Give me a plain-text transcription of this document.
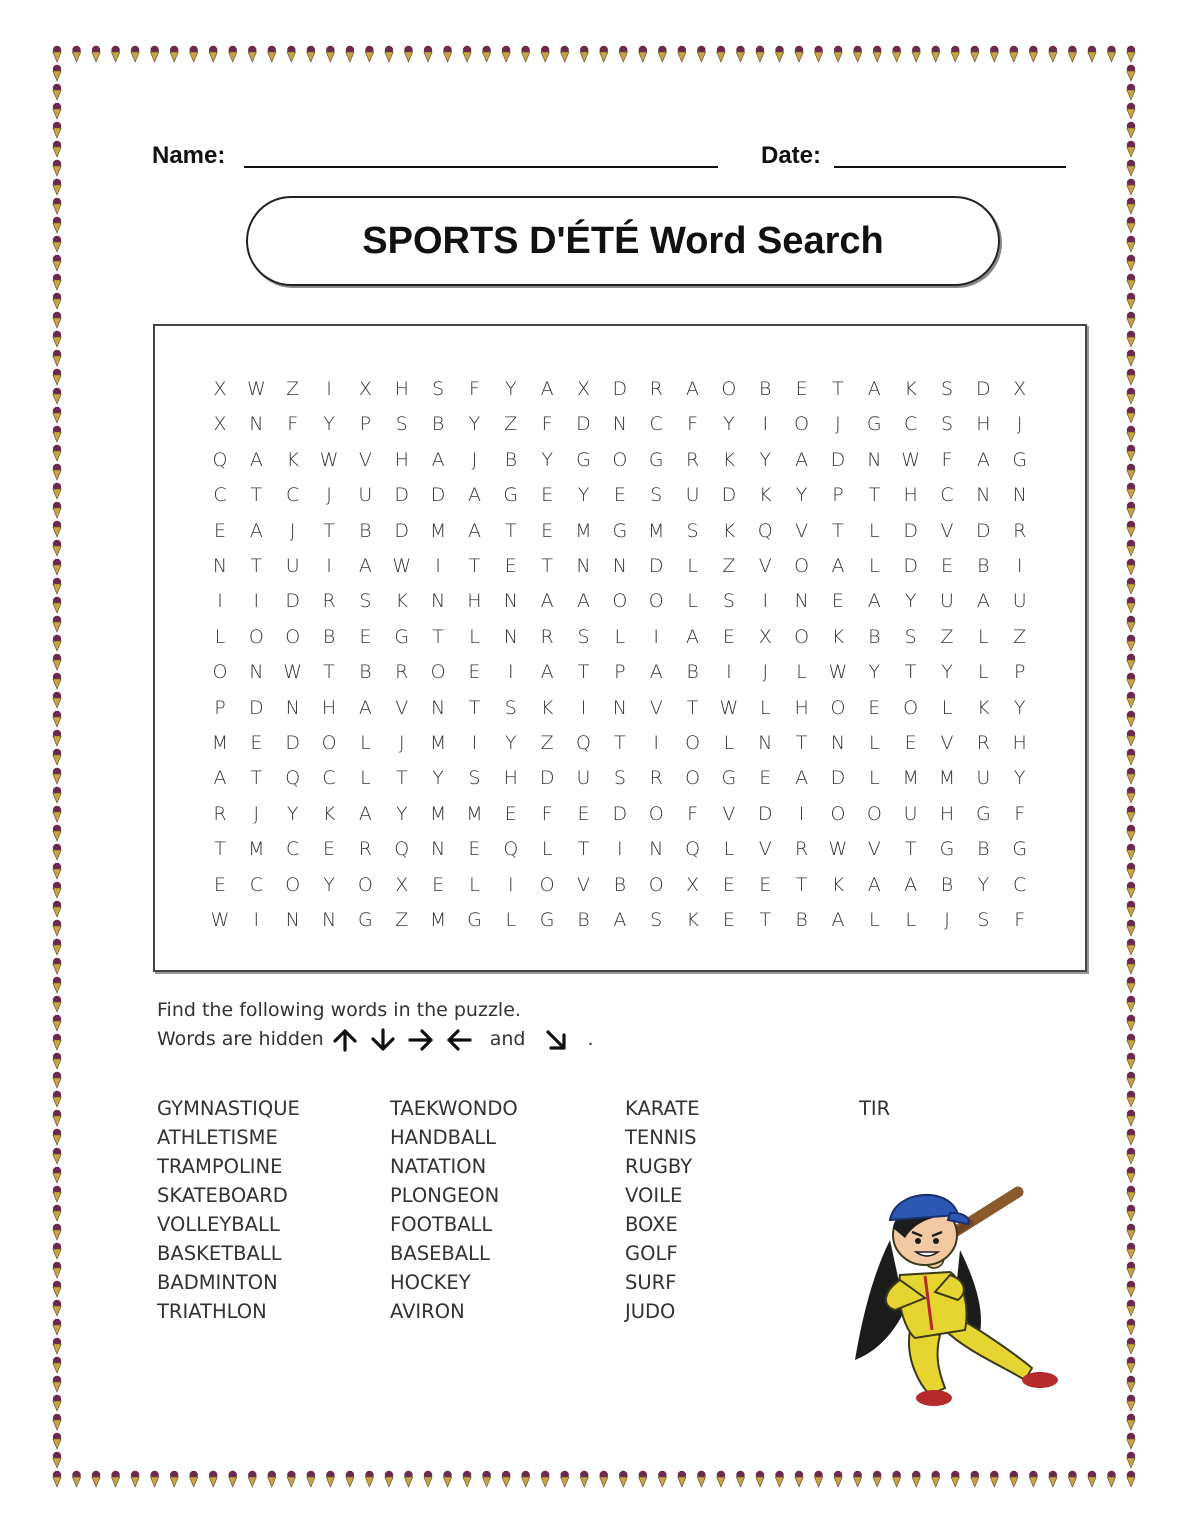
Name:	Date:
SPORTS D'ÉTÉ Word Search
X	W	Z	I	X	H	S	F	Y	A	X	D	R	A	O	B	E	T	A	K	S	D	X
X	N	F	Y	P	S	B	Y	Z	F	D	N	C	F	Y	I	O	J	G	C	S	H	J
Q	A	K	W	V	H	A	J	B	Y	G	O	G	R	K	Y	A	D	N	W	F	A	G
C	T	C	J	U	D	D	A	G	E	Y	E	S	U	D	K	Y	P	T	H	C	N	N
E	A	J	T	B	D	M	A	T	E	M	G	M	S	K	Q	V	T	L	D	V	D	R
N	T	U	I	A	W	I	T	E	T	N	N	D	L	Z	V	O	A	L	D	E	B	I
I	I	D	R	S	K	N	H	N	A	A	O	O	L	S	I	N	E	A	Y	U	A	U
L	O	O	B	E	G	T	L	N	R	S	L	I	A	E	X	O	K	B	S	Z	L	Z
O	N	W	T	B	R	O	E	I	A	T	P	A	B	I	J	L	W	Y	T	Y	L	P
P	D	N	H	A	V	N	T	S	K	I	N	V	T	W	L	H	O	E	O	L	K	Y
M	E	D	O	L	J	M	I	Y	Z	Q	T	I	O	L	N	T	N	L	E	V	R	H
A	T	Q	C	L	T	Y	S	H	D	U	S	R	O	G	E	A	D	L	M	M	U	Y
R	J	Y	K	A	Y	M	M	E	F	E	D	O	F	V	D	I	O	O	U	H	G	F
T	M	C	E	R	Q	N	E	Q	L	T	I	N	Q	L	V	R	W	V	T	G	B	G
E	C	O	Y	O	X	E	L	I	O	V	B	O	X	E	E	T	K	A	A	B	Y	C
W	I	N	N	G	Z	M	G	L	G	B	A	S	K	E	T	B	A	L	L	J	S	F
Find the following words in the puzzle.
Words are hidden	and	.
GYMNASTIQUE
ATHLETISME
TRAMPOLINE
SKATEBOARD
VOLLEYBALL
BASKETBALL
BADMINTON
TRIATHLON
TAEKWONDO
HANDBALL
NATATION
PLONGEON
FOOTBALL
BASEBALL
HOCKEY
AVIRON
KARATE
TENNIS
RUGBY
VOILE
BOXE
GOLF
SURF
JUDO
TIR
